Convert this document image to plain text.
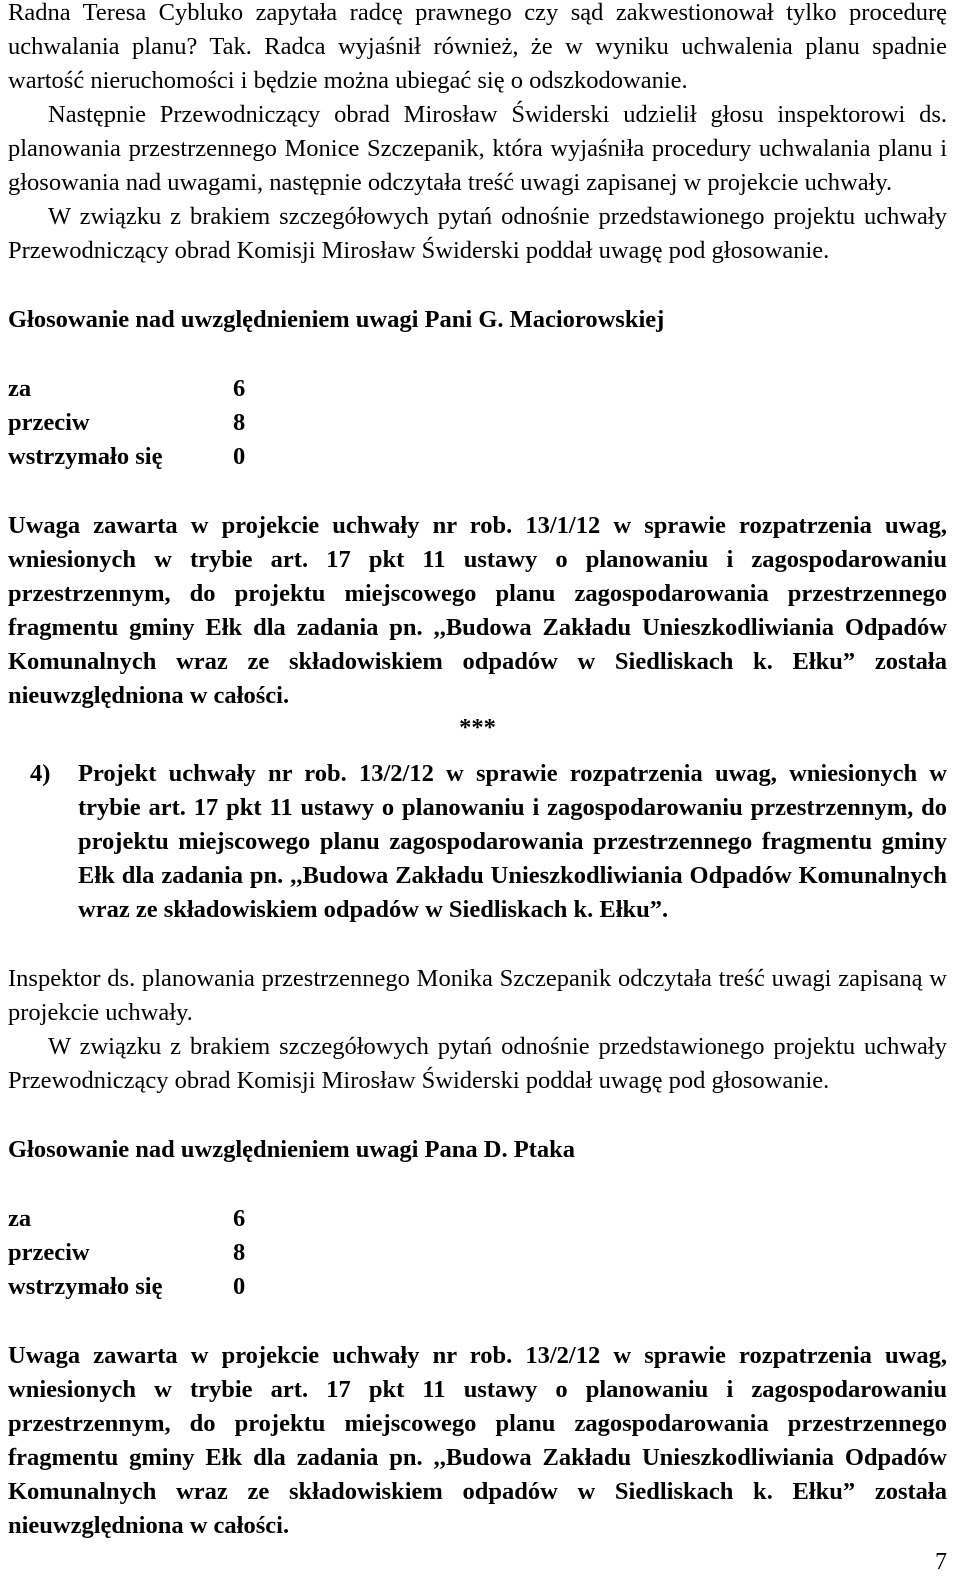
Radna Teresa Cybluko zapytała radcę prawnego czy sąd zakwestionował tylko procedurę uchwalania planu? Tak. Radca wyjaśnił również, że w wyniku uchwalenia planu spadnie wartość nieruchomości i będzie można ubiegać się o odszkodowanie.

Następnie Przewodniczący obrad Mirosław Świderski udzielił głosu inspektorowi ds. planowania przestrzennego Monice Szczepanik, która wyjaśniła procedury uchwalania planu i głosowania nad uwagami, następnie odczytała treść uwagi zapisanej w projekcie uchwały.

W związku z brakiem szczegółowych pytań odnośnie przedstawionego projektu uchwały Przewodniczący obrad Komisji Mirosław Świderski poddał uwagę pod głosowanie.

Głosowanie nad uwzględnieniem uwagi Pani G. Maciorowskiej

za	6
przeciw	8
wstrzymało się	0

Uwaga zawarta w projekcie uchwały nr rob. 13/1/12 w sprawie rozpatrzenia uwag, wniesionych w trybie art. 17 pkt 11 ustawy o planowaniu i zagospodarowaniu przestrzennym, do projektu miejscowego planu zagospodarowania przestrzennego fragmentu gminy Ełk dla zadania pn. ,,Budowa Zakładu Unieszkodliwiania Odpadów Komunalnych wraz ze składowiskiem odpadów w Siedliskach k. Ełku” została nieuwzględniona w całości.

***

4)	Projekt uchwały nr rob. 13/2/12 w sprawie rozpatrzenia uwag, wniesionych w trybie art. 17 pkt 11 ustawy o planowaniu i zagospodarowaniu przestrzennym, do projektu miejscowego planu zagospodarowania przestrzennego fragmentu gminy Ełk dla zadania pn. ,,Budowa Zakładu Unieszkodliwiania Odpadów Komunalnych wraz ze składowiskiem odpadów w Siedliskach k. Ełku”.

Inspektor ds. planowania przestrzennego Monika Szczepanik odczytała treść uwagi zapisaną w projekcie uchwały.

W związku z brakiem szczegółowych pytań odnośnie przedstawionego projektu uchwały Przewodniczący obrad Komisji Mirosław Świderski poddał uwagę pod głosowanie.

Głosowanie nad uwzględnieniem uwagi Pana D. Ptaka

za	6
przeciw	8
wstrzymało się	0

Uwaga zawarta w projekcie uchwały nr rob. 13/2/12 w sprawie rozpatrzenia uwag, wniesionych w trybie art. 17 pkt 11 ustawy o planowaniu i zagospodarowaniu przestrzennym, do projektu miejscowego planu zagospodarowania przestrzennego fragmentu gminy Ełk dla zadania pn. ,,Budowa Zakładu Unieszkodliwiania Odpadów Komunalnych wraz ze składowiskiem odpadów w Siedliskach k. Ełku” została nieuwzględniona w całości.

7
